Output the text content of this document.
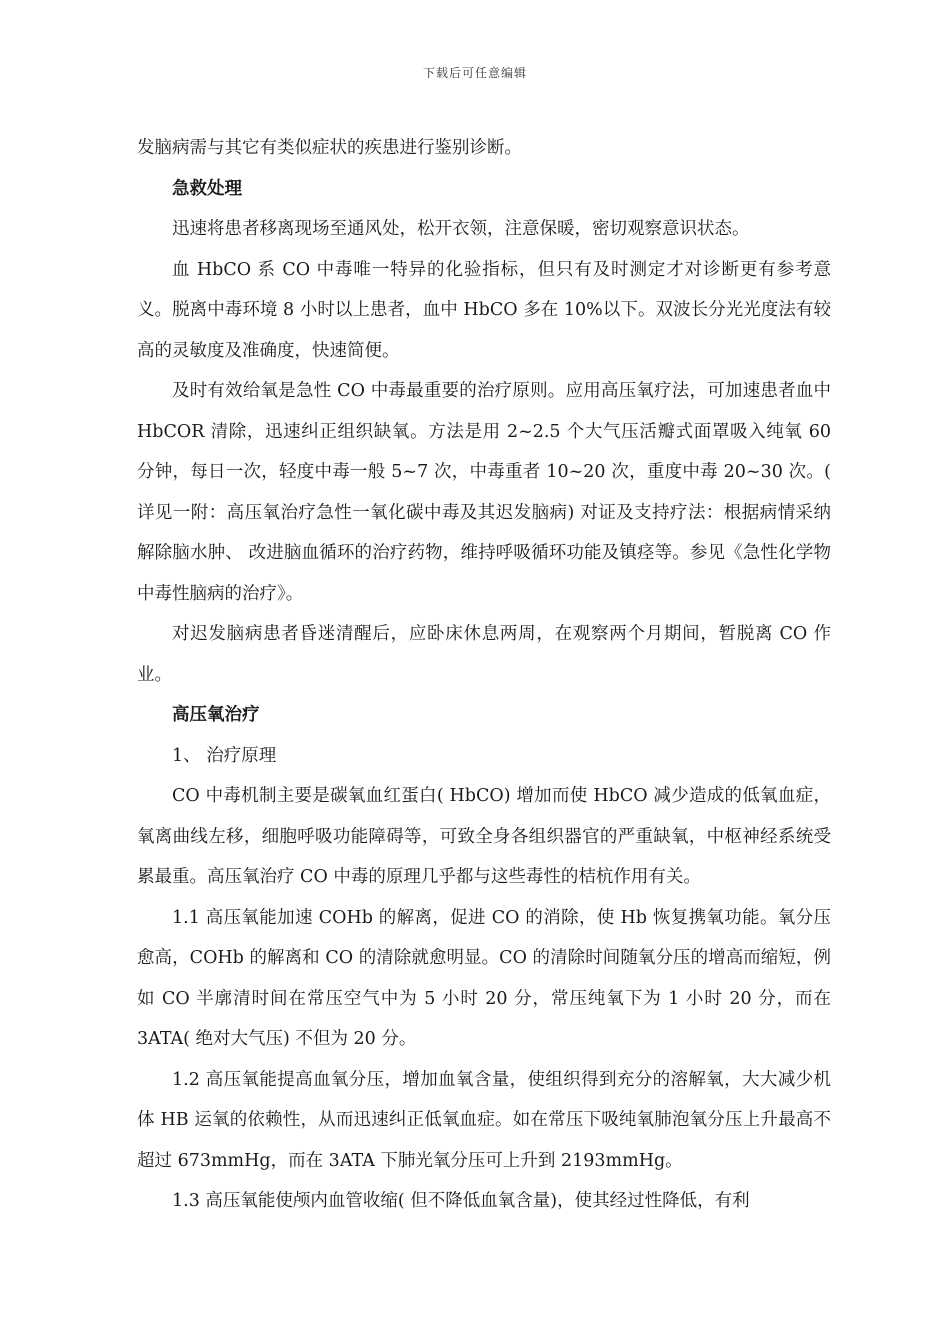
下载后可任意编辑

发脑病需与其它有类似症状的疾患进行鉴别诊断。

急救处理

迅速将患者移离现场至通风处，松开衣领，注意保暖，密切观察意识状态。

血 HbCO 系 CO 中毒唯一特异的化验指标，但只有及时测定才对诊断更有参考意义。脱离中毒环境 8 小时以上患者，血中 HbCO 多在 10%以下。双波长分光光度法有较高的灵敏度及准确度，快速简便。

及时有效给氧是急性 CO 中毒最重要的治疗原则。应用高压氧疗法，可加速患者血中 HbCOR 清除，迅速纠正组织缺氧。方法是用 2~2.5 个大气压活瓣式面罩吸入纯氧 60 分钟，每日一次，轻度中毒一般 5~7 次，中毒重者 10~20 次，重度中毒 20~30 次。( 详见一附：高压氧治疗急性一氧化碳中毒及其迟发脑病) 对证及支持疗法：根据病情采纳解除脑水肿、 改进脑血循环的治疗药物，维持呼吸循环功能及镇痉等。参见《急性化学物中毒性脑病的治疗》。

对迟发脑病患者昏迷清醒后，应卧床休息两周，在观察两个月期间，暂脱离 CO 作业。

高压氧治疗

1、 治疗原理

CO 中毒机制主要是碳氧血红蛋白( HbCO) 增加而使 HbCO 减少造成的低氧血症，氧离曲线左移，细胞呼吸功能障碍等，可致全身各组织器官的严重缺氧，中枢神经系统受累最重。高压氧治疗 CO 中毒的原理几乎都与这些毒性的桔杭作用有关。

1.1 高压氧能加速 COHb 的解离，促进 CO 的消除，使 Hb 恢复携氧功能。氧分压愈高，COHb 的解离和 CO 的清除就愈明显。CO 的清除时间随氧分压的增高而缩短，例如 CO 半廓清时间在常压空气中为 5 小时 20 分，常压纯氧下为 1 小时 20 分，而在 3ATA( 绝对大气压) 不但为 20 分。

1.2 高压氧能提高血氧分压，增加血氧含量，使组织得到充分的溶解氧，大大减少机体 HB 运氧的依赖性，从而迅速纠正低氧血症。如在常压下吸纯氧肺泡氧分压上升最高不超过 673mmHg，而在 3ATA 下肺光氧分压可上升到 2193mmHg。

1.3 高压氧能使颅内血管收缩( 但不降低血氧含量)，使其经过性降低，有利
